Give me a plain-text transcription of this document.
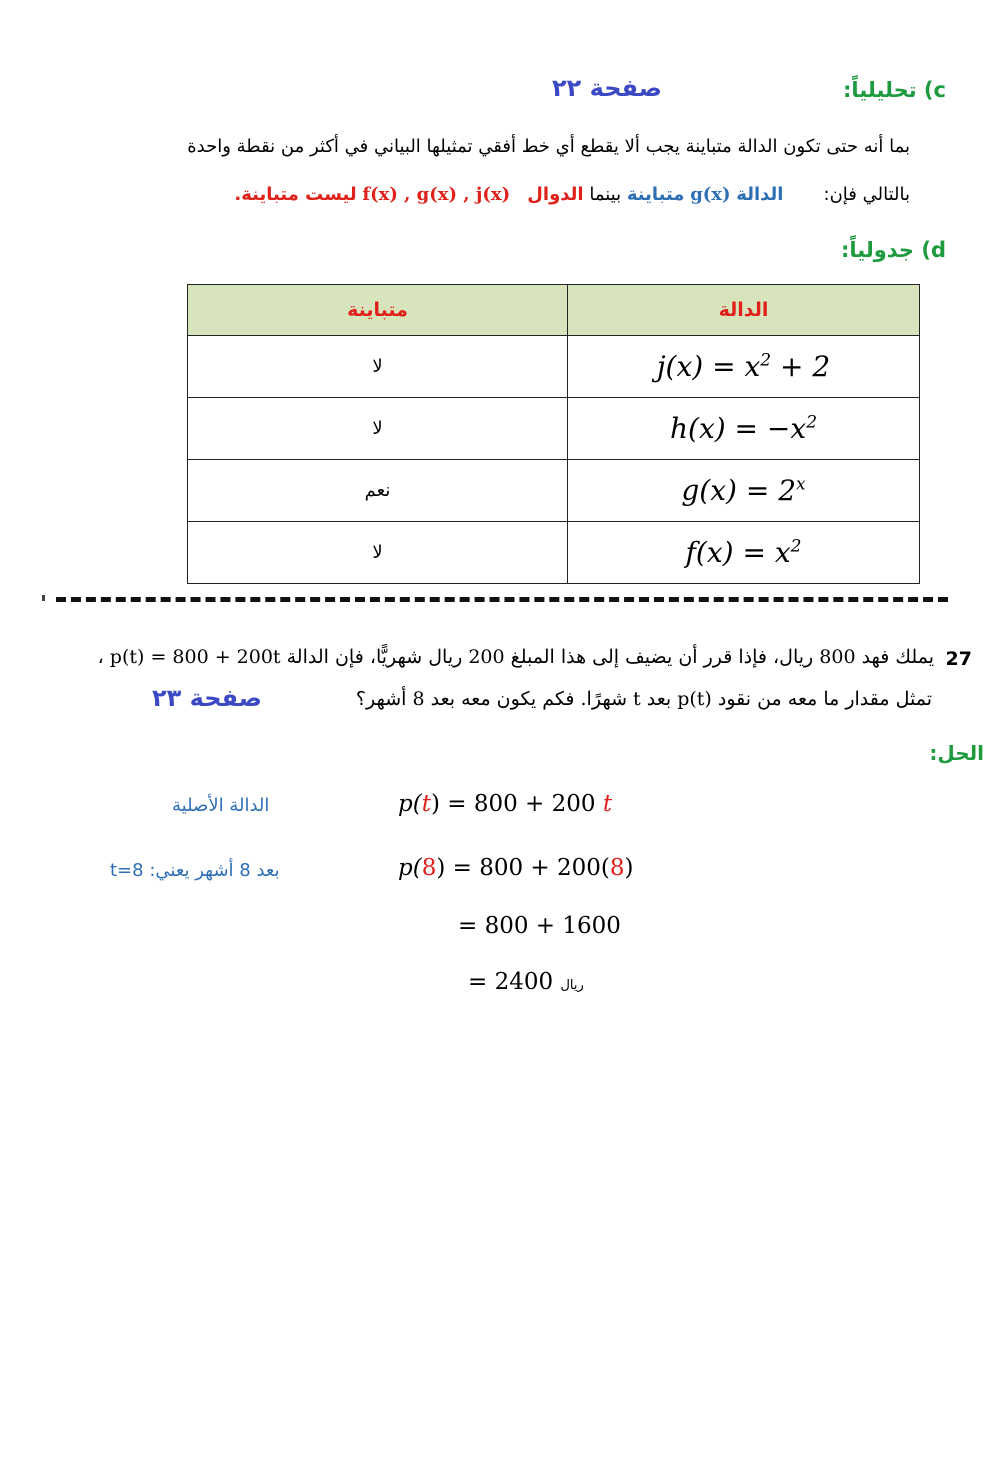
c) تحليلياً:
صفحة ٢٢
بما أنه حتى تكون الدالة متباينة يجب ألا يقطع أي خط أفقي تمثيلها البياني في أكثر من نقطة واحدة
بالتالي فإن:       الدالة g(x) متباينة بينما الدوال   f(x) , g(x) , j(x) ليست متباينة.
d) جدولياً:
الدالة	متباينة
$j(x) = x^2 + 2$	لا
$h(x) = -x^2$	لا
$g(x) = 2^x$	نعم
$f(x) = x^2$	لا
27
يملك فهد 800 ريال، فإذا قرر أن يضيف إلى هذا المبلغ 200 ريال شهريًّا، فإن الدالة p(t) = 800 + 200t ،
تمثل مقدار ما معه من نقود p(t) بعد t شهرًا. فكم يكون معه بعد 8 أشهر؟
صفحة ٢٣
الحل:
p(t) = 800 + 200 t
الدالة الأصلية
p(8) = 800 + 200(8)
بعد 8 أشهر يعني: t=8
= 800 + 1600
= 2400 ريال
